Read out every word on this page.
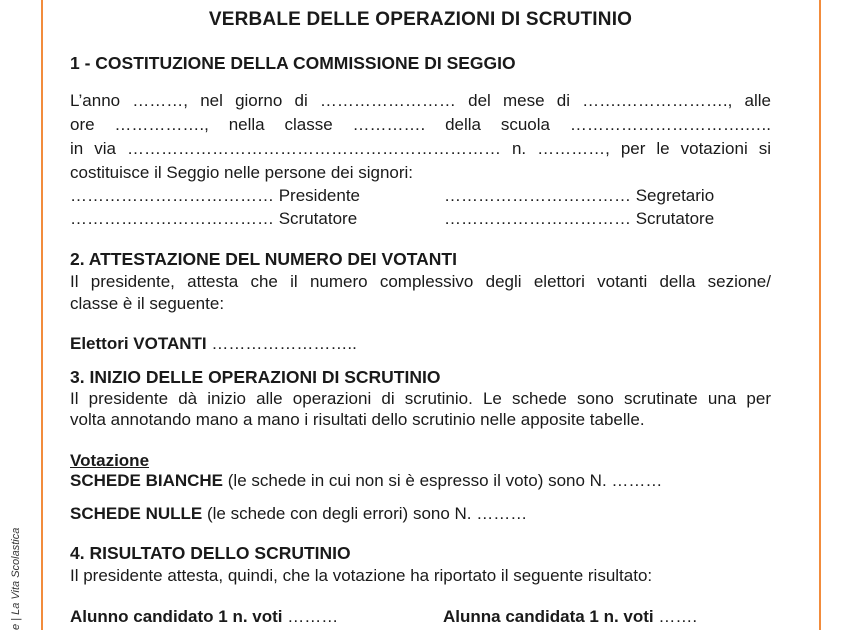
e | La Vita Scolastica
VERBALE DELLE OPERAZIONI DI SCRUTINIO
1 - COSTITUZIONE DELLA COMMISSIONE DI SEGGIO
L’anno ………, nel giorno di …………………… del mese di …….………………., alle
ore ……………., nella classe …………. della scuola ………………………….…..
in via ………………………………………………………… n. …………, per le votazioni si
costituisce il Seggio nelle persone dei signori:
……………………………… Presidente	…………………………… Segretario
……………………………… Scrutatore	…………………………… Scrutatore
2. ATTESTAZIONE DEL NUMERO DEI VOTANTI
Il presidente, attesta che il numero complessivo degli elettori votanti della sezione/
classe è il seguente:
Elettori VOTANTI ……………………..
3. INIZIO DELLE OPERAZIONI DI SCRUTINIO
Il presidente dà inizio alle operazioni di scrutinio. Le schede sono scrutinate una per
volta annotando mano a mano i risultati dello scrutinio nelle apposite tabelle.
Votazione
SCHEDE BIANCHE (le schede in cui non si è espresso il voto) sono N. ………
SCHEDE NULLE (le schede con degli errori) sono N. ………
4. RISULTATO DELLO SCRUTINIO
Il presidente attesta, quindi, che la votazione ha riportato il seguente risultato:
Alunno candidato 1 n. voti ………	Alunna candidata 1 n. voti …….
